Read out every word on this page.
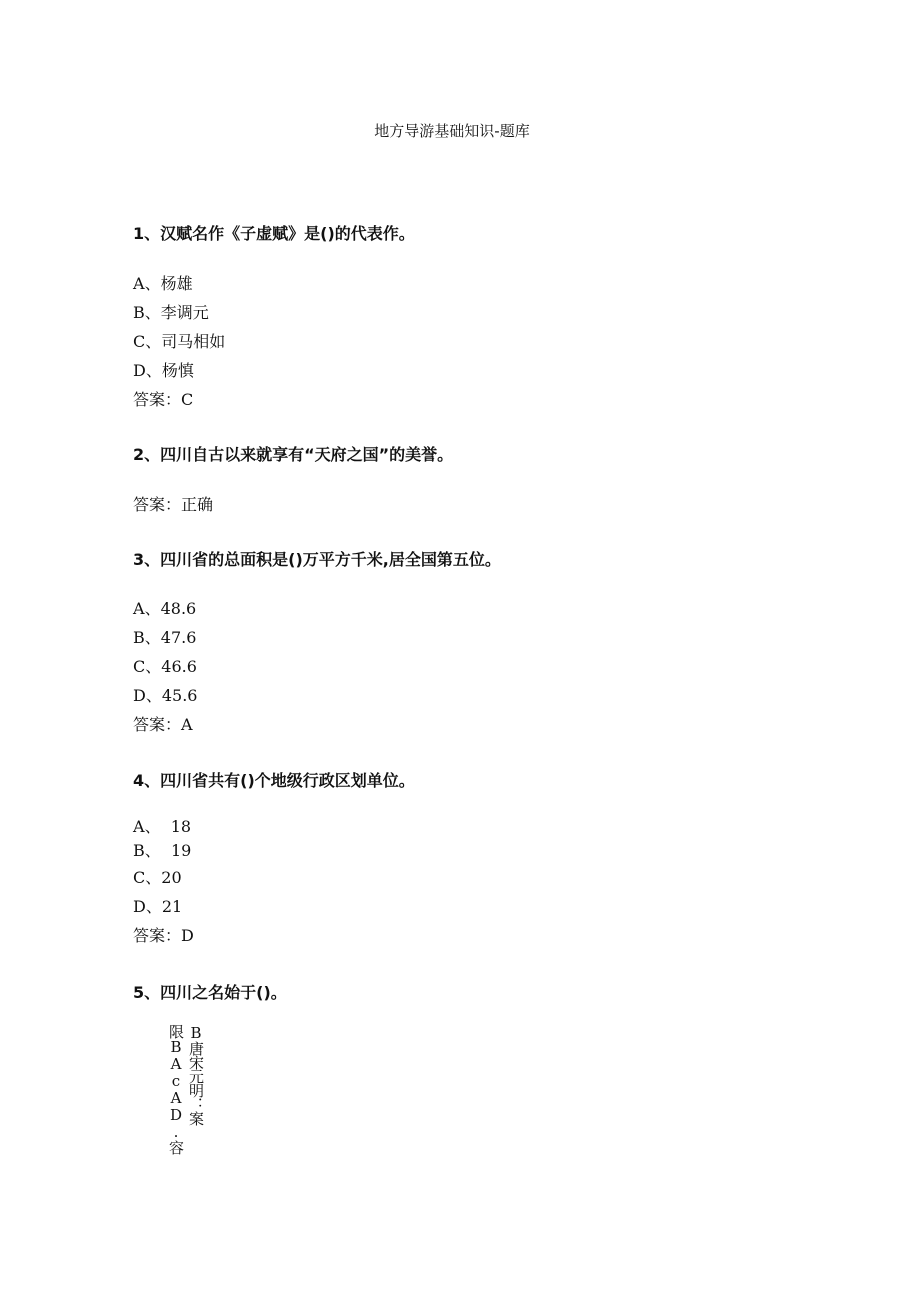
地方导游基础知识-题库
1、汉赋名作《子虚赋》是()的代表作。
A、杨雄
B、李调元
C、司马相如
D、杨慎
答案：C
2、四川自古以来就享有“天府之国”的美誉。
答案：正确
3、四川省的总面积是()万平方千米,居全国第五位。
A、48.6
B、47.6
C、46.6
D、45.6
答案：A
4、四川省共有()个地级行政区划单位。
A、  18
B、  19
C、20
D、21
答案：D
5、四川之名始于()。
B唐宋元明：案
限BAcAD.容
